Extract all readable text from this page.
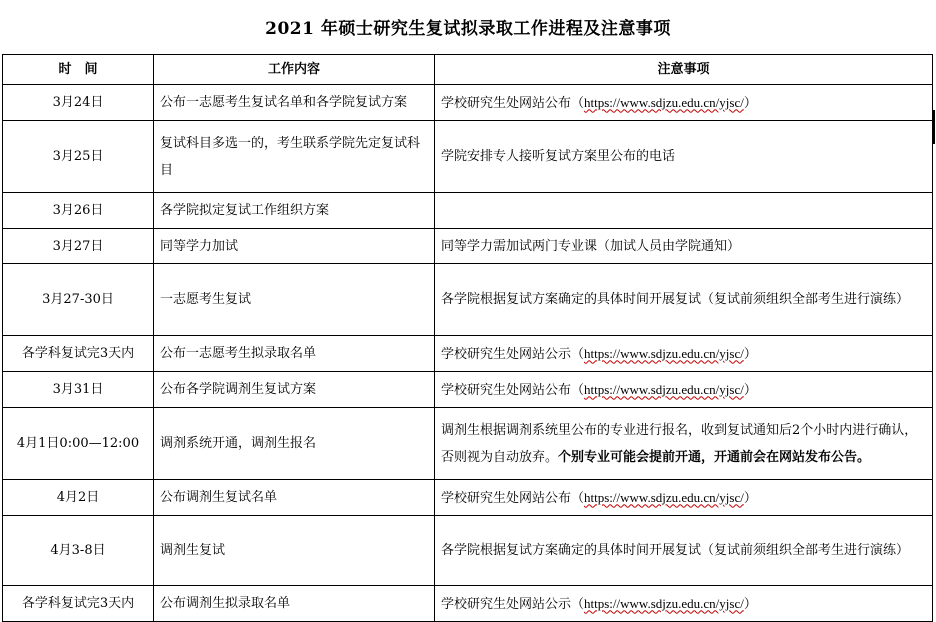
2021 年硕士研究生复试拟录取工作进程及注意事项
时　间	工作内容	注意事项
3月24日	公布一志愿考生复试名单和各学院复试方案	学校研究生处网站公布（https://www.sdjzu.edu.cn/yjsc/）
3月25日	复试科目多选一的，考生联系学院先定复试科目	学院安排专人接听复试方案里公布的电话
3月26日	各学院拟定复试工作组织方案	
3月27日	同等学力加试	同等学力需加试两门专业课（加试人员由学院通知）
3月27-30日	一志愿考生复试	各学院根据复试方案确定的具体时间开展复试（复试前须组织全部考生进行演练）
各学科复试完3天内	公布一志愿考生拟录取名单	学校研究生处网站公示（https://www.sdjzu.edu.cn/yjsc/）
3月31日	公布各学院调剂生复试方案	学校研究生处网站公布（https://www.sdjzu.edu.cn/yjsc/）
4月1日0:00—12:00	调剂系统开通，调剂生报名	调剂生根据调剂系统里公布的专业进行报名，收到复试通知后2个小时内进行确认，否则视为自动放弃。个别专业可能会提前开通，开通前会在网站发布公告。
4月2日	公布调剂生复试名单	学校研究生处网站公布（https://www.sdjzu.edu.cn/yjsc/）
4月3-8日	调剂生复试	各学院根据复试方案确定的具体时间开展复试（复试前须组织全部考生进行演练）
各学科复试完3天内	公布调剂生拟录取名单	学校研究生处网站公示（https://www.sdjzu.edu.cn/yjsc/）
